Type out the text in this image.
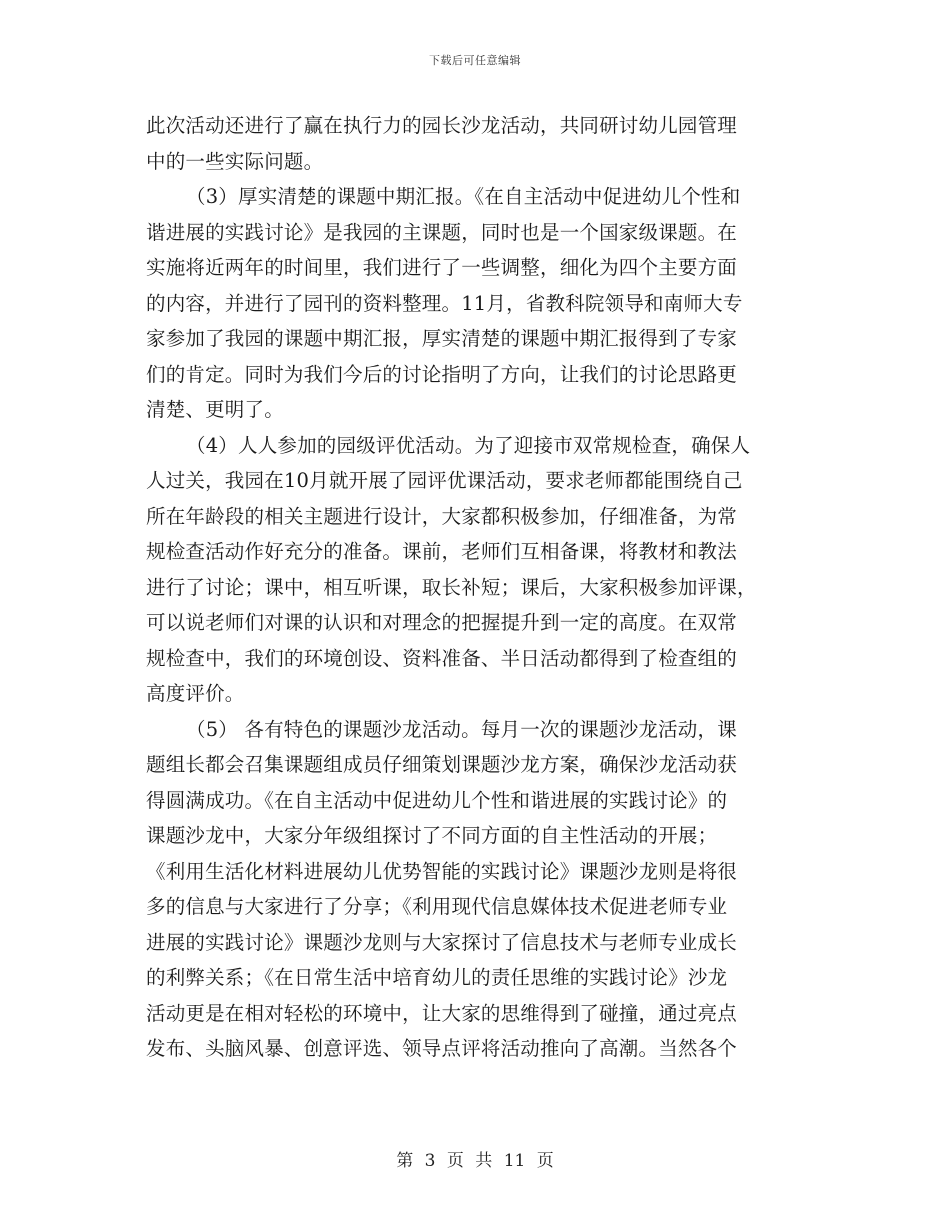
下载后可任意编辑
此次活动还进行了赢在执行力的园长沙龙活动，共同研讨幼儿园管理
中的一些实际问题。
（3）厚实清楚的课题中期汇报。《在自主活动中促进幼儿个性和
谐进展的实践讨论》是我园的主课题，同时也是一个国家级课题。在
实施将近两年的时间里，我们进行了一些调整，细化为四个主要方面
的内容，并进行了园刊的资料整理。11月，省教科院领导和南师大专
家参加了我园的课题中期汇报，厚实清楚的课题中期汇报得到了专家
们的肯定。同时为我们今后的讨论指明了方向，让我们的讨论思路更
清楚、更明了。
（4）人人参加的园级评优活动。为了迎接市双常规检查，确保人
人过关，我园在10月就开展了园评优课活动，要求老师都能围绕自己
所在年龄段的相关主题进行设计，大家都积极参加，仔细准备，为常
规检查活动作好充分的准备。课前，老师们互相备课，将教材和教法
进行了讨论；课中，相互听课，取长补短；课后，大家积极参加评课，
可以说老师们对课的认识和对理念的把握提升到一定的高度。在双常
规检查中，我们的环境创设、资料准备、半日活动都得到了检查组的
高度评价。
（5） 各有特色的课题沙龙活动。每月一次的课题沙龙活动，课
题组长都会召集课题组成员仔细策划课题沙龙方案，确保沙龙活动获
得圆满成功。《在自主活动中促进幼儿个性和谐进展的实践讨论》的
课题沙龙中，大家分年级组探讨了不同方面的自主性活动的开展；
《利用生活化材料进展幼儿优势智能的实践讨论》课题沙龙则是将很
多的信息与大家进行了分享；《利用现代信息媒体技术促进老师专业
进展的实践讨论》课题沙龙则与大家探讨了信息技术与老师专业成长
的利弊关系；《在日常生活中培育幼儿的责任思维的实践讨论》沙龙
活动更是在相对轻松的环境中，让大家的思维得到了碰撞，通过亮点
发布、头脑风暴、创意评选、领导点评将活动推向了高潮。当然各个
第 3 页 共 11 页
